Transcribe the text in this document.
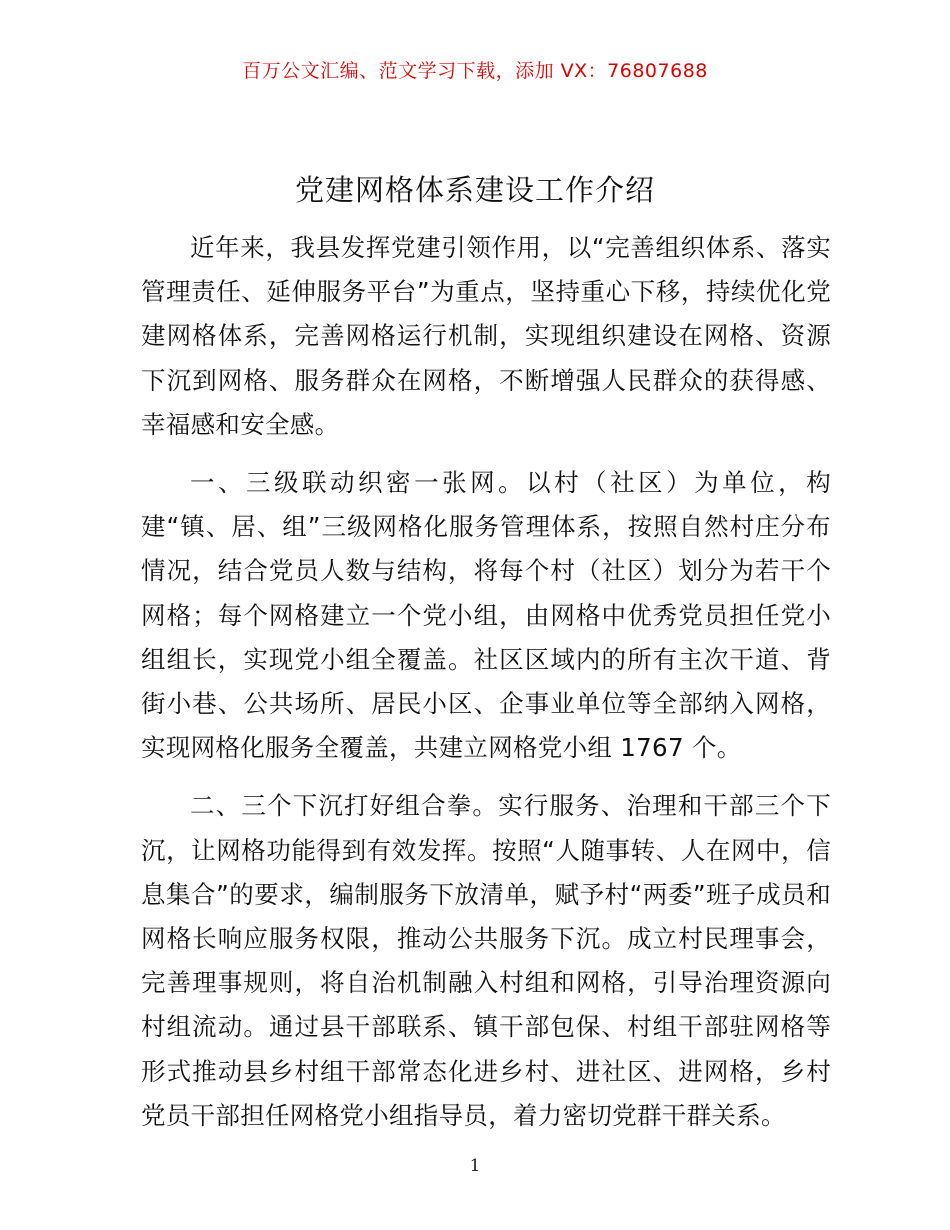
百万公文汇编、范文学习下载，添加 VX：76807688
党建网格体系建设工作介绍

近年来，我县发挥党建引领作用，以“完善组织体系、落实管理责任、延伸服务平台”为重点，坚持重心下移，持续优化党建网格体系，完善网格运行机制，实现组织建设在网格、资源下沉到网格、服务群众在网格，不断增强人民群众的获得感、幸福感和安全感。

一、三级联动织密一张网。以村（社区）为单位，构建“镇、居、组”三级网格化服务管理体系，按照自然村庄分布情况，结合党员人数与结构，将每个村（社区）划分为若干个网格；每个网格建立一个党小组，由网格中优秀党员担任党小组组长，实现党小组全覆盖。社区区域内的所有主次干道、背街小巷、公共场所、居民小区、企事业单位等全部纳入网格，实现网格化服务全覆盖，共建立网格党小组 1767 个。

二、三个下沉打好组合拳。实行服务、治理和干部三个下沉，让网格功能得到有效发挥。按照“人随事转、人在网中，信息集合”的要求，编制服务下放清单，赋予村“两委”班子成员和网格长响应服务权限，推动公共服务下沉。成立村民理事会，完善理事规则，将自治机制融入村组和网格，引导治理资源向村组流动。通过县干部联系、镇干部包保、村组干部驻网格等形式推动县乡村组干部常态化进乡村、进社区、进网格，乡村党员干部担任网格党小组指导员，着力密切党群干群关系。

1
